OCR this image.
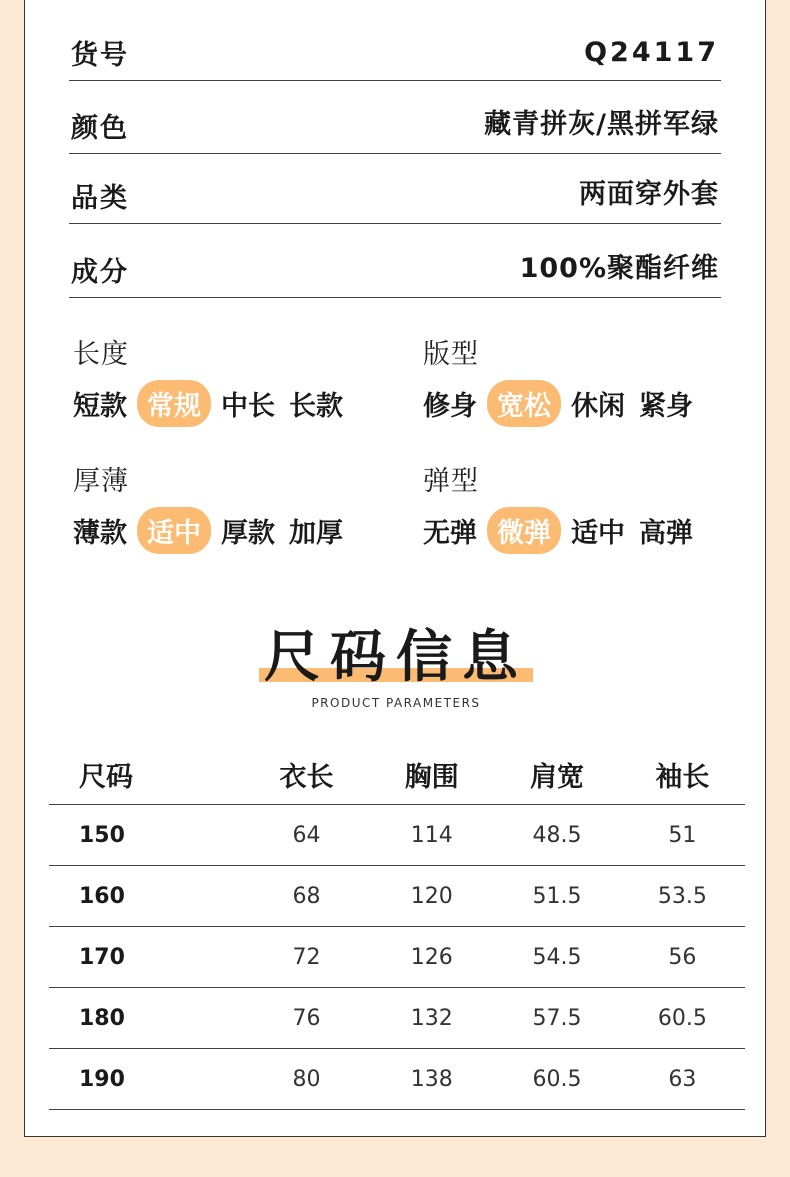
货号	Q24117
颜色	藏青拼灰/黑拼军绿
品类	两面穿外套
成分	100%聚酯纤维
长度
短款 常规 中长 长款
版型
修身 宽松 休闲 紧身
厚薄
薄款 适中 厚款 加厚
弹型
无弹 微弹 适中 高弹
尺码信息
PRODUCT PARAMETERS
尺码	衣长	胸围	肩宽	袖长
150	64	114	48.5	51
160	68	120	51.5	53.5
170	72	126	54.5	56
180	76	132	57.5	60.5
190	80	138	60.5	63
